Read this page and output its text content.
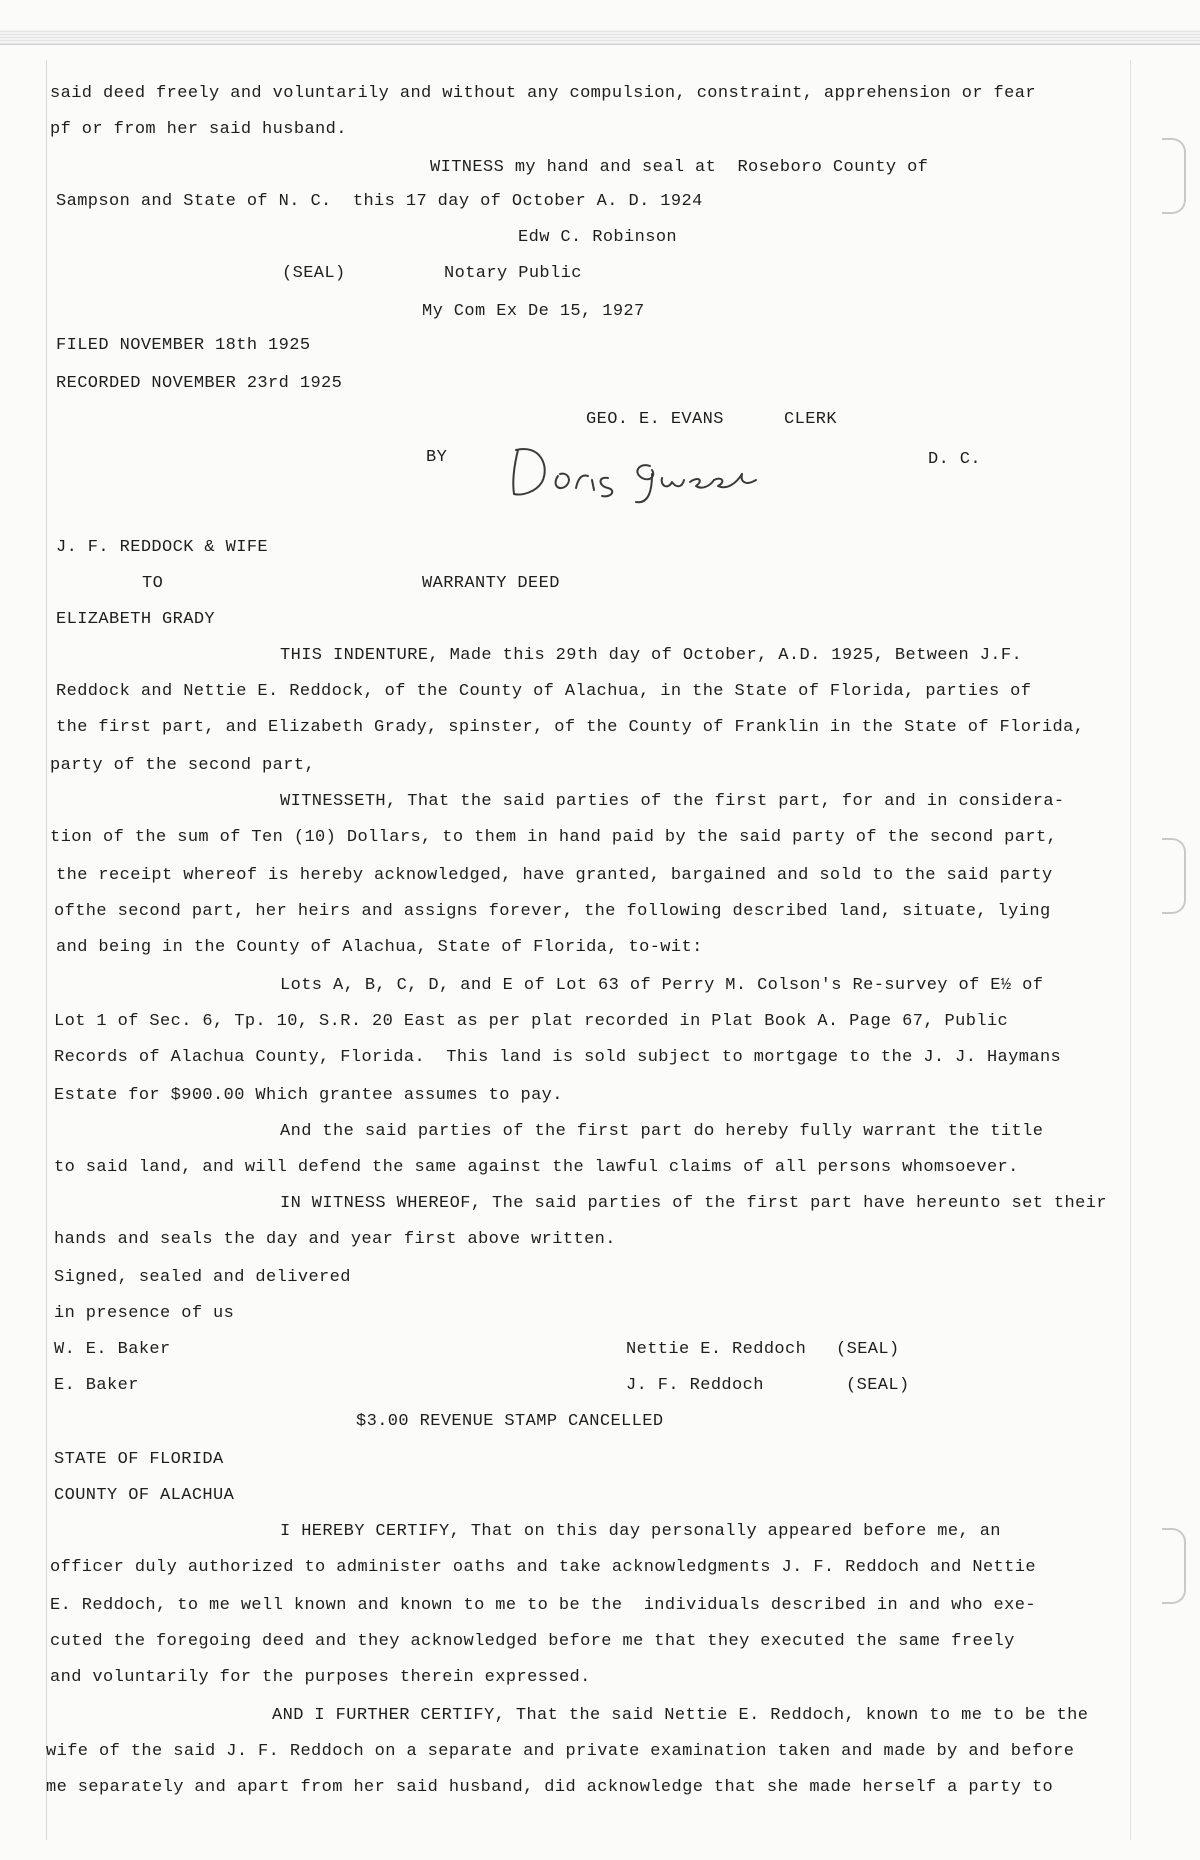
said deed freely and voluntarily and without any compulsion, constraint, apprehension or fear
pf or from her said husband.
WITNESS my hand and seal at  Roseboro County of
Sampson and State of N. C.  this 17 day of October A. D. 1924
Edw C. Robinson
(SEAL)	Notary Public
My Com Ex De 15, 1927
FILED NOVEMBER 18th 1925
RECORDED NOVEMBER 23rd 1925
GEO. E. EVANS	CLERK
BY	D. C.
J. F. REDDOCK & WIFE
TO	WARRANTY DEED
ELIZABETH GRADY
THIS INDENTURE, Made this 29th day of October, A.D. 1925, Between J.F.
Reddock and Nettie E. Reddock, of the County of Alachua, in the State of Florida, parties of
the first part, and Elizabeth Grady, spinster, of the County of Franklin in the State of Florida,
party of the second part,
WITNESSETH, That the said parties of the first part, for and in considera-
tion of the sum of Ten (10) Dollars, to them in hand paid by the said party of the second part,
the receipt whereof is hereby acknowledged, have granted, bargained and sold to the said party
ofthe second part, her heirs and assigns forever, the following described land, situate, lying
and being in the County of Alachua, State of Florida, to-wit:
Lots A, B, C, D, and E of Lot 63 of Perry M. Colson's Re-survey of E½ of
Lot 1 of Sec. 6, Tp. 10, S.R. 20 East as per plat recorded in Plat Book A. Page 67, Public
Records of Alachua County, Florida.  This land is sold subject to mortgage to the J. J. Haymans
Estate for $900.00 Which grantee assumes to pay.
And the said parties of the first part do hereby fully warrant the title
to said land, and will defend the same against the lawful claims of all persons whomsoever.
IN WITNESS WHEREOF, The said parties of the first part have hereunto set their
hands and seals the day and year first above written.
Signed, sealed and delivered
in presence of us
W. E. Baker	Nettie E. Reddoch (SEAL)
E. Baker	J. F. Reddoch	(SEAL)
$3.00 REVENUE STAMP CANCELLED
STATE OF FLORIDA
COUNTY OF ALACHUA
I HEREBY CERTIFY, That on this day personally appeared before me, an
officer duly authorized to administer oaths and take acknowledgments J. F. Reddoch and Nettie
E. Reddoch, to me well known and known to me to be the  individuals described in and who exe-
cuted the foregoing deed and they acknowledged before me that they executed the same freely
and voluntarily for the purposes therein expressed.
AND I FURTHER CERTIFY, That the said Nettie E. Reddoch, known to me to be the
wife of the said J. F. Reddoch on a separate and private examination taken and made by and before
me separately and apart from her said husband, did acknowledge that she made herself a party to
